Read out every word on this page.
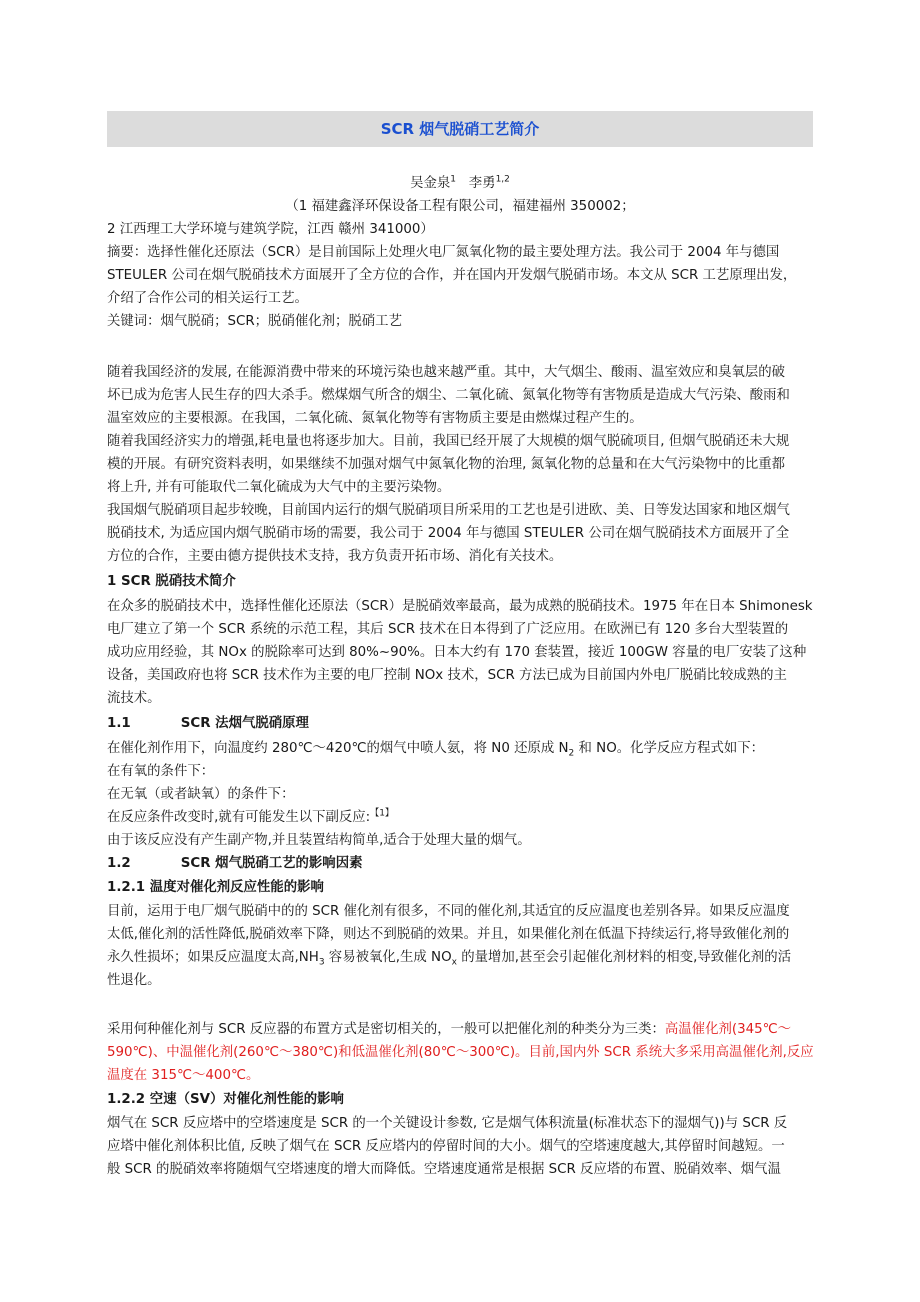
SCR 烟气脱硝工艺简介
吴金泉$^1$ 李勇$^{1,2}$
（1 福建鑫泽环保设备工程有限公司，福建福州 350002；
2 江西理工大学环境与建筑学院，江西 赣州 341000）
摘要：选择性催化还原法（SCR）是目前国际上处理火电厂氮氧化物的最主要处理方法。我公司于 2004 年与德国
STEULER 公司在烟气脱硝技术方面展开了全方位的合作，并在国内开发烟气脱硝市场。本文从 SCR 工艺原理出发，
介绍了合作公司的相关运行工艺。
关键词：烟气脱硝；SCR；脱硝催化剂；脱硝工艺
随着我国经济的发展, 在能源消费中带来的环境污染也越来越严重。其中，大气烟尘、酸雨、温室效应和臭氧层的破
坏已成为危害人民生存的四大杀手。燃煤烟气所含的烟尘、二氧化硫、氮氧化物等有害物质是造成大气污染、酸雨和
温室效应的主要根源。在我国，二氧化硫、氮氧化物等有害物质主要是由燃煤过程产生的。
随着我国经济实力的增强,耗电量也将逐步加大。目前，我国已经开展了大规模的烟气脱硫项目, 但烟气脱硝还未大规
模的开展。有研究资料表明，如果继续不加强对烟气中氮氧化物的治理, 氮氧化物的总量和在大气污染物中的比重都
将上升, 并有可能取代二氧化硫成为大气中的主要污染物。
我国烟气脱硝项目起步较晚，目前国内运行的烟气脱硝项目所采用的工艺也是引进欧、美、日等发达国家和地区烟气
脱硝技术, 为适应国内烟气脱硝市场的需要，我公司于 2004 年与德国 STEULER 公司在烟气脱硝技术方面展开了全
方位的合作，主要由德方提供技术支持，我方负责开拓市场、消化有关技术。
1 SCR 脱硝技术简介
在众多的脱硝技术中，选择性催化还原法（SCR）是脱硝效率最高，最为成熟的脱硝技术。1975 年在日本 Shimonesk
电厂建立了第一个 SCR 系统的示范工程，其后 SCR 技术在日本得到了广泛应用。在欧洲已有 120 多台大型装置的
成功应用经验，其 NOx 的脱除率可达到 80%~90%。日本大约有 170 套装置，接近 100GW 容量的电厂安装了这种
设备，美国政府也将 SCR 技术作为主要的电厂控制 NOx 技术，SCR 方法已成为目前国内外电厂脱硝比较成熟的主
流技术。
1.1	SCR 法烟气脱硝原理
在催化剂作用下，向温度约 280℃～420℃的烟气中喷人氨，将 N0 还原成 $N_2$ 和 NO。化学反应方程式如下：
在有氧的条件下：
在无氧（或者缺氧）的条件下：
在反应条件改变时,就有可能发生以下副反应:$^{【1】}$
由于该反应没有产生副产物,并且装置结构简单,适合于处理大量的烟气。
1.2	SCR 烟气脱硝工艺的影响因素
1.2.1 温度对催化剂反应性能的影响
目前，运用于电厂烟气脱硝中的的 SCR 催化剂有很多，不同的催化剂,其适宜的反应温度也差别各异。如果反应温度
太低,催化剂的活性降低,脱硝效率下降，则达不到脱硝的效果。并且，如果催化剂在低温下持续运行,将导致催化剂的
永久性损坏；如果反应温度太高$,NH_3$ 容易被氧化,生成 $NO_x$ 的量增加,甚至会引起催化剂材料的相变,导致催化剂的活
性退化。
采用何种催化剂与 SCR 反应器的布置方式是密切相关的，一般可以把催化剂的种类分为三类：高温催化剂(345℃～
590℃)、中温催化剂(260℃～380℃)和低温催化剂(80℃～300℃)。目前,国内外 SCR 系统大多采用高温催化剂,反应
温度在 315℃～400℃。
1.2.2 空速（SV）对催化剂性能的影响
烟气在 SCR 反应塔中的空塔速度是 SCR 的一个关键设计参数, 它是烟气体积流量(标准状态下的湿烟气))与 SCR 反
应塔中催化剂体积比值, 反映了烟气在 SCR 反应塔内的停留时间的大小。烟气的空塔速度越大,其停留时间越短。一
般 SCR 的脱硝效率将随烟气空塔速度的增大而降低。空塔速度通常是根据 SCR 反应塔的布置、脱硝效率、烟气温
